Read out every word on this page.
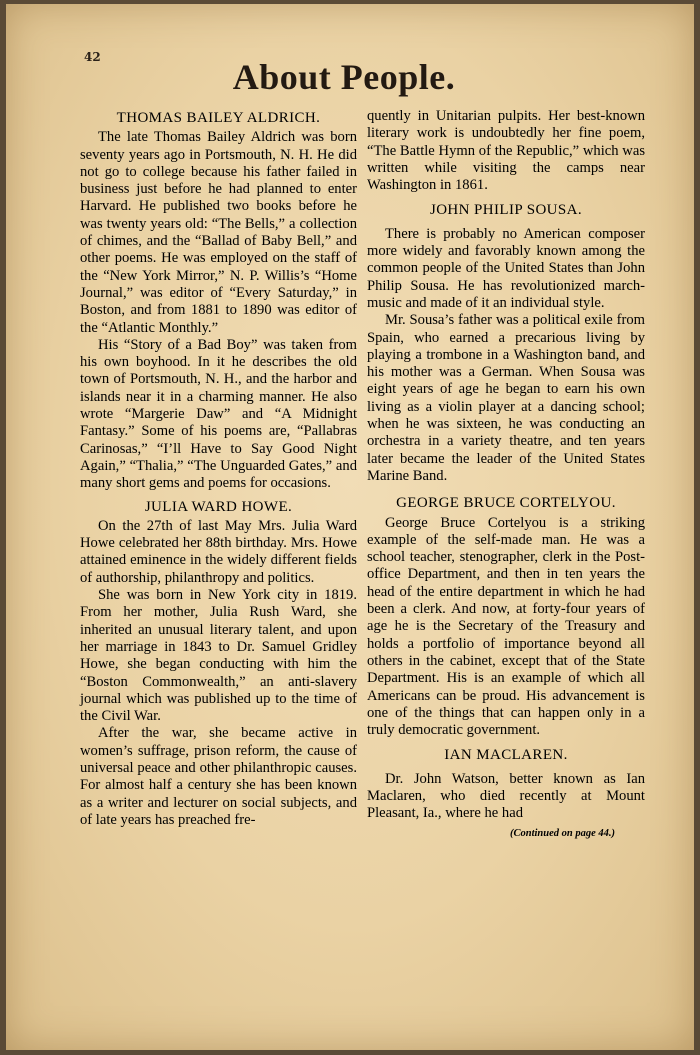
42	About People.
THOMAS BAILEY ALDRICH.

The late Thomas Bailey Aldrich was born seventy years ago in Portsmouth, N. H. He did not go to college because his father failed in business just before he had planned to enter Harvard. He published two books before he was twenty years old: “The Bells,” a collection of chimes, and the “Ballad of Baby Bell,” and other poems. He was employed on the staff of the “New York Mirror,” N. P. Willis’s “Home Journal,” was editor of “Every Saturday,” in Boston, and from 1881 to 1890 was editor of the “Atlantic Monthly.”

His “Story of a Bad Boy” was taken from his own boyhood. In it he describes the old town of Portsmouth, N. H., and the harbor and islands near it in a charming manner. He also wrote “Margerie Daw” and “A Midnight Fantasy.” Some of his poems are, “Pallabras Carinosas,” “I’ll Have to Say Good Night Again,” “Thalia,” “The Unguarded Gates,” and many short gems and poems for occasions.

JULIA WARD HOWE.

On the 27th of last May Mrs. Julia Ward Howe celebrated her 88th birthday. Mrs. Howe attained eminence in the widely different fields of authorship, philanthropy and politics.

She was born in New York city in 1819. From her mother, Julia Rush Ward, she inherited an unusual literary talent, and upon her marriage in 1843 to Dr. Samuel Gridley Howe, she began conducting with him the “Boston Commonwealth,” an anti-slavery journal which was published up to the time of the Civil War.

After the war, she became active in women’s suffrage, prison reform, the cause of universal peace and other philanthropic causes. For almost half a century she has been known as a writer and lecturer on social subjects, and of late years has preached fre-

quently in Unitarian pulpits. Her best-known literary work is undoubtedly her fine poem, “The Battle Hymn of the Republic,” which was written while visiting the camps near Washington in 1861.

JOHN PHILIP SOUSA.

There is probably no American composer more widely and favorably known among the common people of the United States than John Philip Sousa. He has revolutionized march-music and made of it an individual style.

Mr. Sousa’s father was a political exile from Spain, who earned a precarious living by playing a trombone in a Washington band, and his mother was a German. When Sousa was eight years of age he began to earn his own living as a violin player at a dancing school; when he was sixteen, he was conducting an orchestra in a variety theatre, and ten years later became the leader of the United States Marine Band.

GEORGE BRUCE CORTELYOU.

George Bruce Cortelyou is a striking example of the self-made man. He was a school teacher, stenographer, clerk in the Post-office Department, and then in ten years the head of the entire department in which he had been a clerk. And now, at forty-four years of age he is the Secretary of the Treasury and holds a portfolio of importance beyond all others in the cabinet, except that of the State Department. His is an example of which all Americans can be proud. His advancement is one of the things that can happen only in a truly democratic government.

IAN MACLAREN.

Dr. John Watson, better known as Ian Maclaren, who died recently at Mount Pleasant, Ia., where he had

(Continued on page 44.)
